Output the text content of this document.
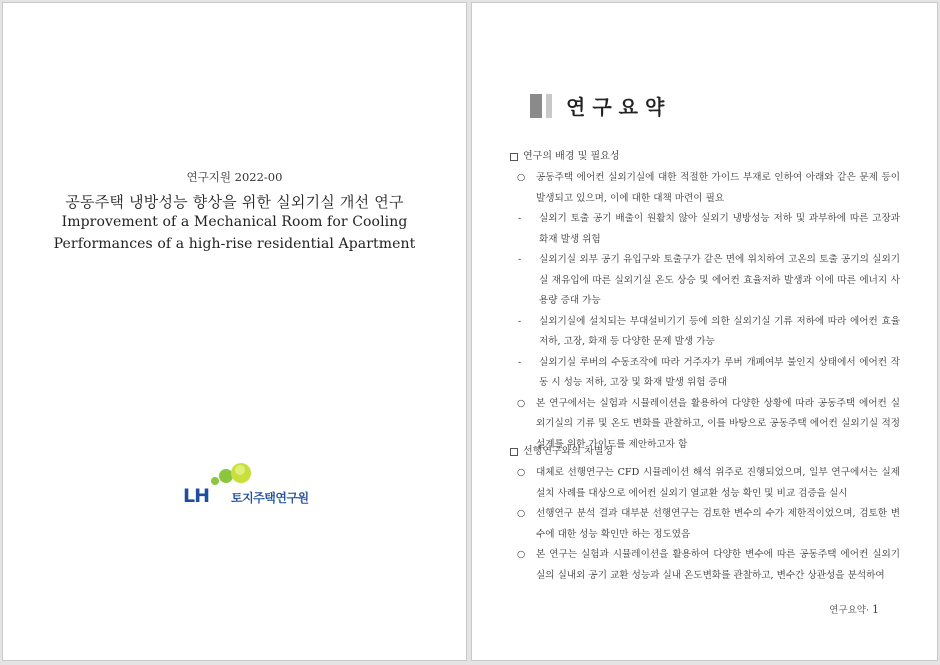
연구지원 2022-00
공동주택 냉방성능 향상을 위한 실외기실 개선 연구
Improvement of a Mechanical Room for Cooling
Performances of a high-rise residential Apartment
LH 토지주택연구원
연구요약
연구의 배경 및 필요성
○ 공동주택 에어컨 실외기실에 대한 적절한 가이드 부재로 인하여 아래와 같은 문제 등이 발생되고 있으며, 이에 대한 대책 마련이 필요
- 실외기 토출 공기 배출이 원활치 않아 실외기 냉방성능 저하 및 과부하에 따른 고장과 화재 발생 위험
- 실외기실 외부 공기 유입구와 토출구가 같은 면에 위치하여 고온의 토출 공기의 실외기실 재유입에 따른 실외기실 온도 상승 및 에어컨 효율저하 발생과 이에 따른 에너지 사용량 증대 가능
- 실외기실에 설치되는 부대설비기기 등에 의한 실외기실 기류 저하에 따라 에어컨 효율 저하, 고장, 화재 등 다양한 문제 발생 가능
- 실외기실 루버의 수동조작에 따라 거주자가 루버 개폐여부 불인지 상태에서 에어컨 작동 시 성능 저하, 고장 및 화재 발생 위험 증대
○ 본 연구에서는 실험과 시뮬레이션을 활용하여 다양한 상황에 따라 공동주택 에어컨 실외기실의 기류 및 온도 변화를 관찰하고, 이를 바탕으로 공동주택 에어컨 실외기실 적정 설계를 위한 가이드를 제안하고자 함
선행연구와의 차별성
○ 대체로 선행연구는 CFD 시뮬레이션 해석 위주로 진행되었으며, 일부 연구에서는 실제 설치 사례를 대상으로 에어컨 실외기 열교환 성능 확인 및 비교 검증을 실시
○ 선행연구 분석 결과 대부분 선행연구는 검토한 변수의 수가 제한적이었으며, 검토한 변수에 대한 성능 확인만 하는 정도였음
○ 본 연구는 실험과 시뮬레이션을 활용하여 다양한 변수에 따른 공동주택 에어컨 실외기실의 실내외 공기 교환 성능과 실내 온도변화를 관찰하고, 변수간 상관성을 분석하여
연구요약· 1
